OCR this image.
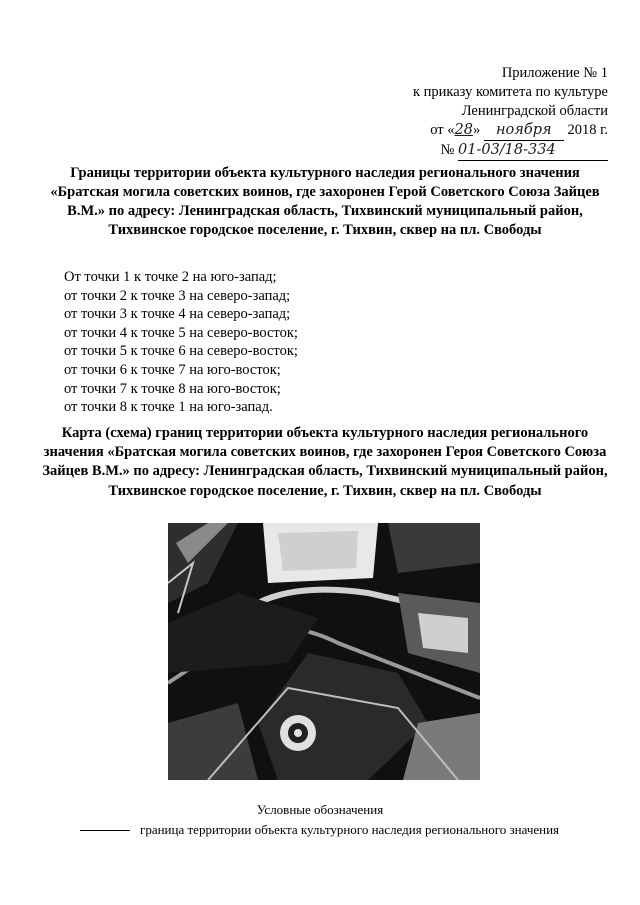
Приложение № 1
к приказу комитета по культуре
Ленинградской области
от «28» ноября 2018 г.
№ 01-03/18-334
Границы территории объекта культурного наследия регионального значения «Братская могила советских воинов, где захоронен Герой Советского Союза Зайцев В.М.» по адресу: Ленинградская область, Тихвинский муниципальный район, Тихвинское городское поселение, г. Тихвин, сквер на пл. Свободы
От точки 1 к точке 2 на юго-запад;
от точки 2 к точке 3 на северо-запад;
от точки 3 к точке 4 на северо-запад;
от точки 4 к точке 5 на северо-восток;
от точки 5 к точке 6 на северо-восток;
от точки 6 к точке 7 на юго-восток;
от точки 7 к точке 8 на юго-восток;
от точки 8 к точке 1 на юго-запад.
Карта (схема) границ территории объекта культурного наследия регионального значения «Братская могила советских воинов, где захоронен Героя Советского Союза Зайцев В.М.» по адресу: Ленинградская область, Тихвинский муниципальный район, Тихвинское городское поселение, г. Тихвин, сквер на пл. Свободы
Условные обозначения
граница территории объекта культурного наследия регионального значения
